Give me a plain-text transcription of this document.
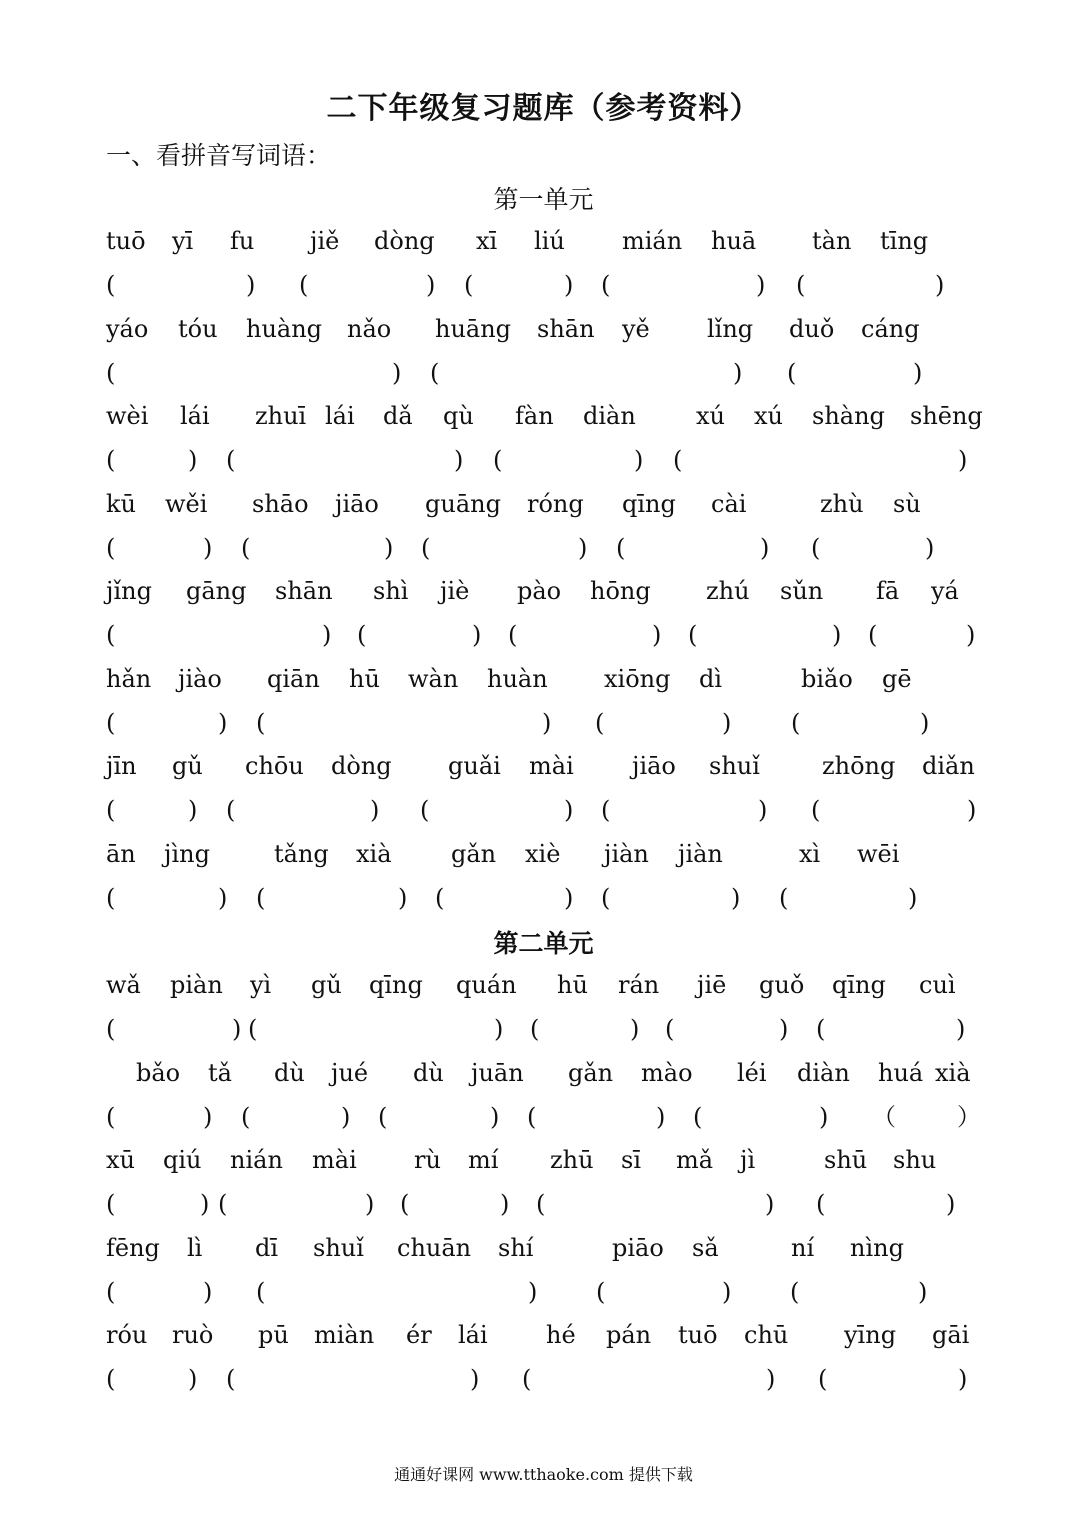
二下年级复习题库（参考资料）
一、看拼音写词语：
第一单元
第二单元
tuō yī fu jiě dòng xī liú mián huā tàn tīng
(	) (	) (	) (	) (	)
yáo tóu huàng nǎo huāng shān yě lǐng duǒ cáng
(	) (	) (	)
wèi lái zhuī lái dǎ qù fàn diàn	xú xú shàng shēng
(	) (	) (	) (	)
kū wěi shāo jiāo guāng róng qīng cài	zhù sù
(	) (	) (	) (	) (	)
jǐng gāng shān shì jiè pào hōng zhú sǔn fā yá
(	) (	) (	) (	) (	)
hǎn jiào qiān hū wàn huàn xiōng dì	biǎo gē
(	) (	) (	) (	)
jīn gǔ chōu dòng guǎi mài jiāo shuǐ	zhōng diǎn
(	) (	) (	) (	) (	)
ān jìng	tǎng xià gǎn xiè jiàn jiàn	xì wēi
(	) (	) (	) (	) (	)
wǎ piàn yì gǔ qīng quán hū rán jiē guǒ qīng cuì
(	) (	) (	) (	) (	)
bǎo tǎ dù jué dù juān gǎn mào léi diàn huá xià
(	) (	) (	) (	) (	) （	）
xū qiú nián mài rù mí zhū sī mǎ jì	shū shu
(	) (	) (	) (	) (	)
fēng lì dī shuǐ chuān shí	piāo sǎ	ní nìng
(	) (	) (	) (	)
róu ruò pū miàn ér lái hé pán tuō chū yīng gāi
(	) (	) (	) (	)
通通好课网 www.tthaoke.com 提供下载
